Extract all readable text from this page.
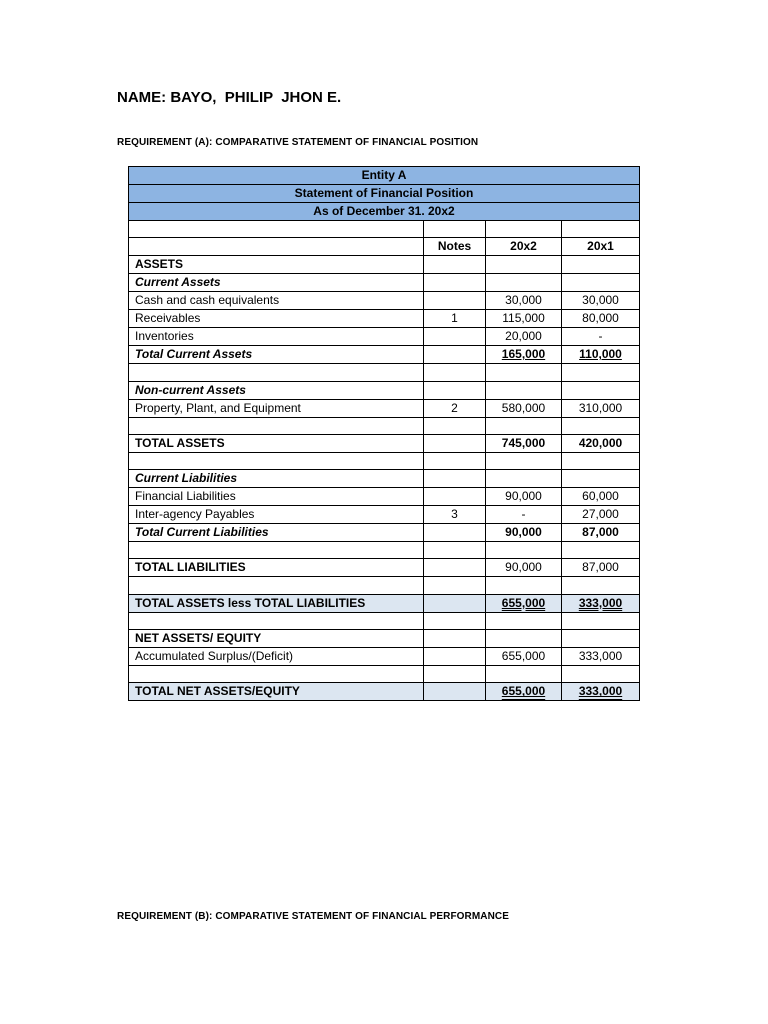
NAME: BAYO,  PHILIP  JHON E.
REQUIREMENT (A): COMPARATIVE STATEMENT OF FINANCIAL POSITION
Entity A			
Statement of Financial Position			
As of December 31. 20x2			

	Notes	20x2	20x1
ASSETS			
Current Assets			
Cash and cash equivalents		30,000	30,000
Receivables	1	115,000	80,000
Inventories		20,000	-
Total Current Assets		165,000	110,000

Non-current Assets			
Property, Plant, and Equipment	2	580,000	310,000

TOTAL ASSETS		745,000	420,000

Current Liabilities			
Financial Liabilities		90,000	60,000
Inter-agency Payables	3	-	27,000
Total Current Liabilities		90,000	87,000

TOTAL LIABILITIES		90,000	87,000

TOTAL ASSETS less TOTAL LIABILITIES		655,000	333,000

NET ASSETS/ EQUITY			
Accumulated Surplus/(Deficit)		655,000	333,000

TOTAL NET ASSETS/EQUITY		655,000	333,000
REQUIREMENT (B): COMPARATIVE STATEMENT OF FINANCIAL PERFORMANCE
